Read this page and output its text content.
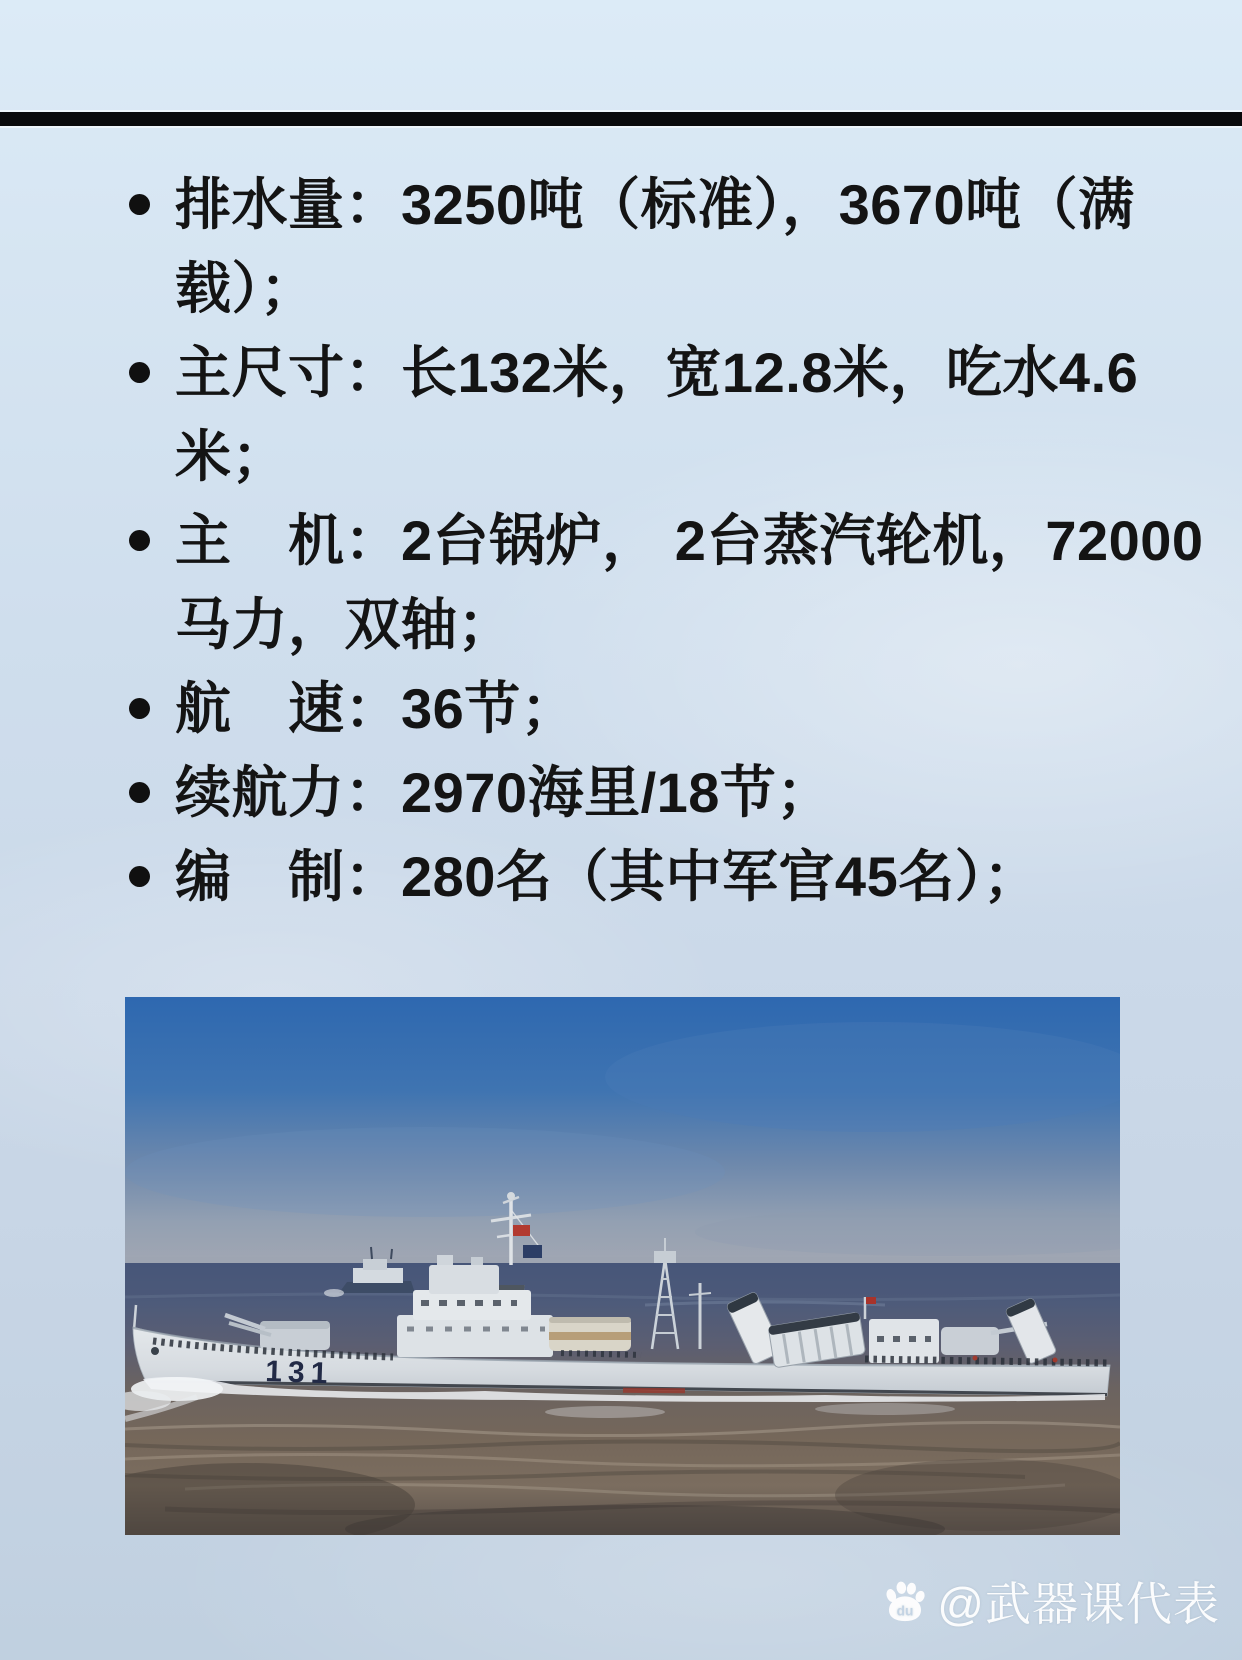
排水量：3250吨（标准），3670吨（满
载）；
主尺寸：长132米，宽12.8米，吃水4.6
米；
主　机：2台锅炉， 2台蒸汽轮机，72000
马力，双轴；
航　速：36节；
续航力：2970海里/18节；
编　制：280名（其中军官45名）；
131
du @武器课代表
